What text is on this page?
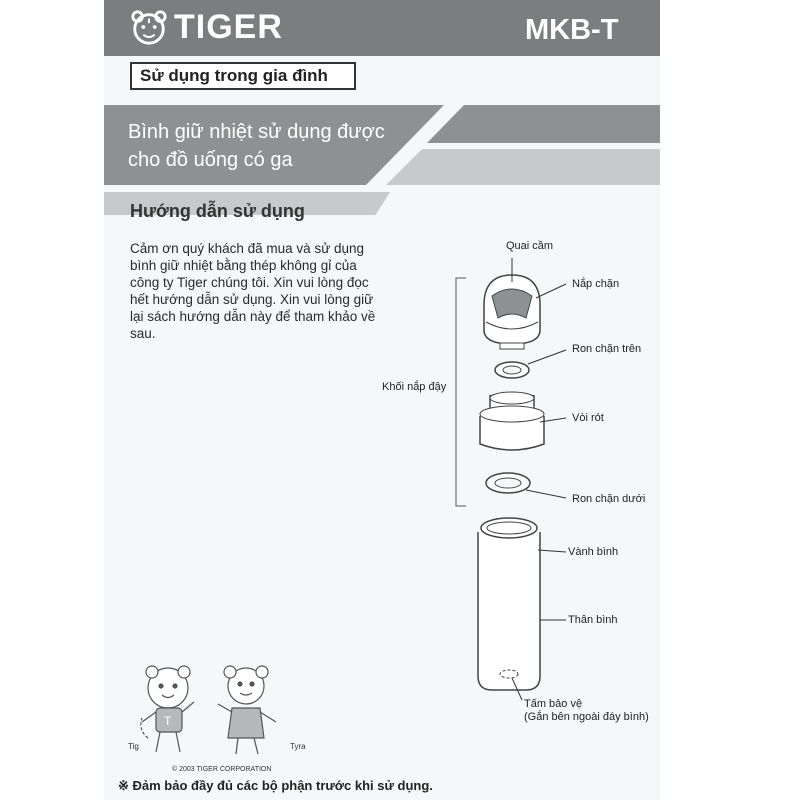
TIGER	MKB-T
Sử dụng trong gia đình
Bình giữ nhiệt sử dụng được
cho đồ uống có ga
Hướng dẫn sử dụng
Cảm ơn quý khách đã mua và sử dụng
bình giữ nhiệt bằng thép không gỉ của
công ty Tiger chúng tôi. Xin vui lòng đọc
hết hướng dẫn sử dụng. Xin vui lòng giữ
lại sách hướng dẫn này để tham khảo về
sau.
Quai cầm
Nắp chặn
Ron chặn trên
Khối nắp đậy
Vòi rót
Ron chặn dưới
Vành bình
Thân bình
Tấm bảo vệ
(Gắn bên ngoài đáy bình)
T
Tig	Tyra
© 2003 TIGER CORPORATION
※ Đảm bảo đầy đủ các bộ phận trước khi sử dụng.
